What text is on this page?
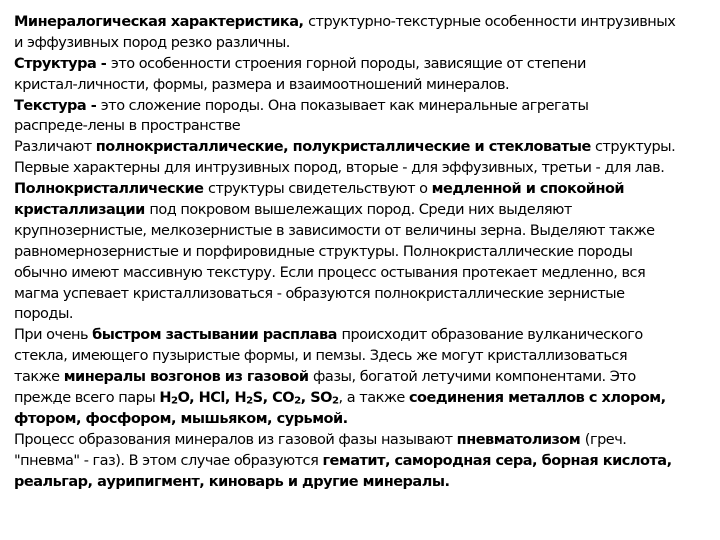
Минералогическая характеристика, структурно-текстурные особенности интрузивных
и эффузивных пород резко различны.
Структура - это особенности строения горной породы, зависящие от степени
кристал-личности, формы, размера и взаимоотношений минералов.
Текстура - это сложение породы. Она показывает как минеральные агрегаты
распреде-лены в пространстве
Различают полнокристаллические, полукристаллические и стекловатые структуры.
Первые характерны для интрузивных пород, вторые - для эффузивных, третьи - для лав.
Полнокристаллические структуры свидетельствуют о медленной и спокойной
кристаллизации под покровом вышележащих пород. Среди них выделяют
крупнозернистые, мелкозернистые в зависимости от величины зерна. Выделяют также
равномернозернистые и порфировидные структуры. Полнокристаллические породы
обычно имеют массивную текстуру. Если процесс остывания протекает медленно, вся
магма успевает кристаллизоваться - образуются полнокристаллические зернистые
породы.
При очень быстром застывании расплава происходит образование вулканического
стекла, имеющего пузыристые формы, и пемзы. Здесь же могут кристаллизоваться
также минералы возгонов из газовой фазы, богатой летучими компонентами. Это
прежде всего пары $H_2O$, HCl, $H_2S$, $CO_2$, $SO_2$, а также соединения металлов с хлором,
фтором, фосфором, мышьяком, сурьмой.
Процесс образования минералов из газовой фазы называют пневматолизом (греч.
"пневма" - газ). В этом случае образуются гематит, самородная сера, борная кислота,
реальгар, аурипигмент, киноварь и другие минералы.
